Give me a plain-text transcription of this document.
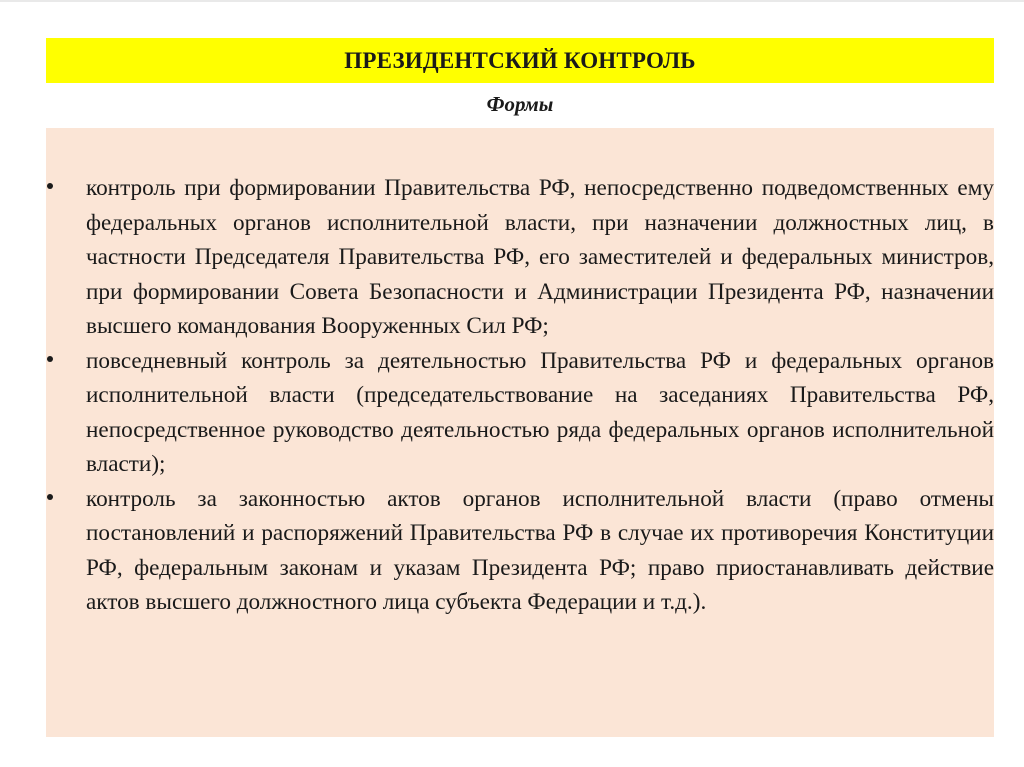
ПРЕЗИДЕНТСКИЙ КОНТРОЛЬ
Формы
контроль при формировании Правительства РФ, непосредственно подведомственных ему федеральных органов исполнительной власти, при назначении должностных лиц, в частности Председателя Правительства РФ, его заместителей и федеральных министров, при формировании Совета Безопасности и Администрации Президента РФ, назначении высшего командования Вооруженных Сил РФ;
повседневный контроль за деятельностью Правительства РФ и федеральных органов исполнительной власти (председательствование на заседаниях Правительства РФ, непосредственное руководство деятельностью ряда федеральных органов исполнительной власти);
контроль за законностью актов органов исполнительной власти (право отмены постановлений и распоряжений Правительства РФ в случае их противоречия Конституции РФ, федеральным законам и указам Президента РФ; право приостанавливать действие актов высшего должностного лица субъекта Федерации и т.д.).
